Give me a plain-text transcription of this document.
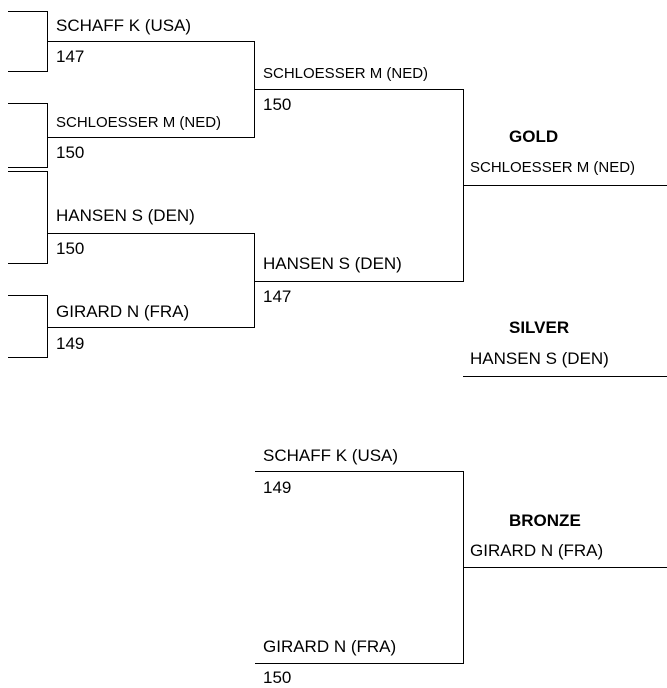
SCHAFF K (USA)
147
SCHLOESSER M (NED)
150
HANSEN S (DEN)
150
GIRARD N (FRA)
149
SCHLOESSER M (NED)
150
HANSEN S (DEN)
147
GOLD
SCHLOESSER M (NED)
SILVER
HANSEN S (DEN)
SCHAFF K (USA)
149
GIRARD N (FRA)
150
BRONZE
GIRARD N (FRA)
